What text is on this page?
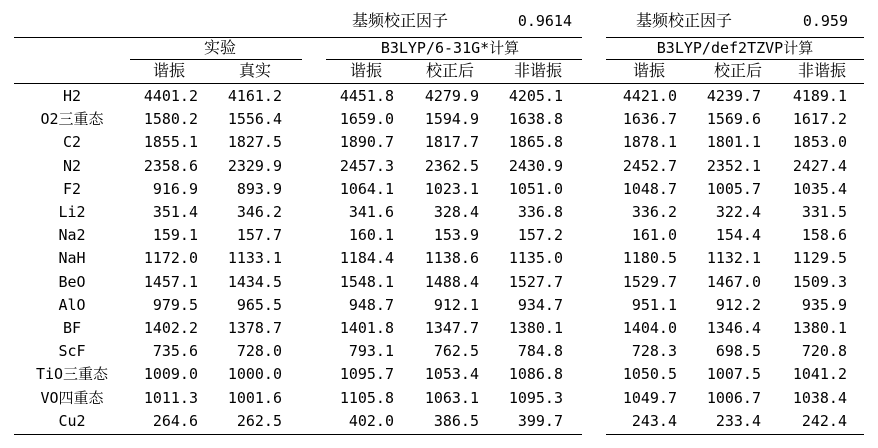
基频校正因子	0.9614	基频校正因子	0.959
实验	B3LYP/6-31G*计算	B3LYP/def2TZVP计算
谐振	真实	谐振	校正后	非谐振	谐振	校正后	非谐振
H2	4401.2	4161.2	4451.8	4279.9	4205.1	4421.0	4239.7	4189.1
O2三重态	1580.2	1556.4	1659.0	1594.9	1638.8	1636.7	1569.6	1617.2
C2	1855.1	1827.5	1890.7	1817.7	1865.8	1878.1	1801.1	1853.0
N2	2358.6	2329.9	2457.3	2362.5	2430.9	2452.7	2352.1	2427.4
F2	916.9	893.9	1064.1	1023.1	1051.0	1048.7	1005.7	1035.4
Li2	351.4	346.2	341.6	328.4	336.8	336.2	322.4	331.5
Na2	159.1	157.7	160.1	153.9	157.2	161.0	154.4	158.6
NaH	1172.0	1133.1	1184.4	1138.6	1135.0	1180.5	1132.1	1129.5
BeO	1457.1	1434.5	1548.1	1488.4	1527.7	1529.7	1467.0	1509.3
AlO	979.5	965.5	948.7	912.1	934.7	951.1	912.2	935.9
BF	1402.2	1378.7	1401.8	1347.7	1380.1	1404.0	1346.4	1380.1
ScF	735.6	728.0	793.1	762.5	784.8	728.3	698.5	720.8
TiO三重态	1009.0	1000.0	1095.7	1053.4	1086.8	1050.5	1007.5	1041.2
VO四重态	1011.3	1001.6	1105.8	1063.1	1095.3	1049.7	1006.7	1038.4
Cu2	264.6	262.5	402.0	386.5	399.7	243.4	233.4	242.4
